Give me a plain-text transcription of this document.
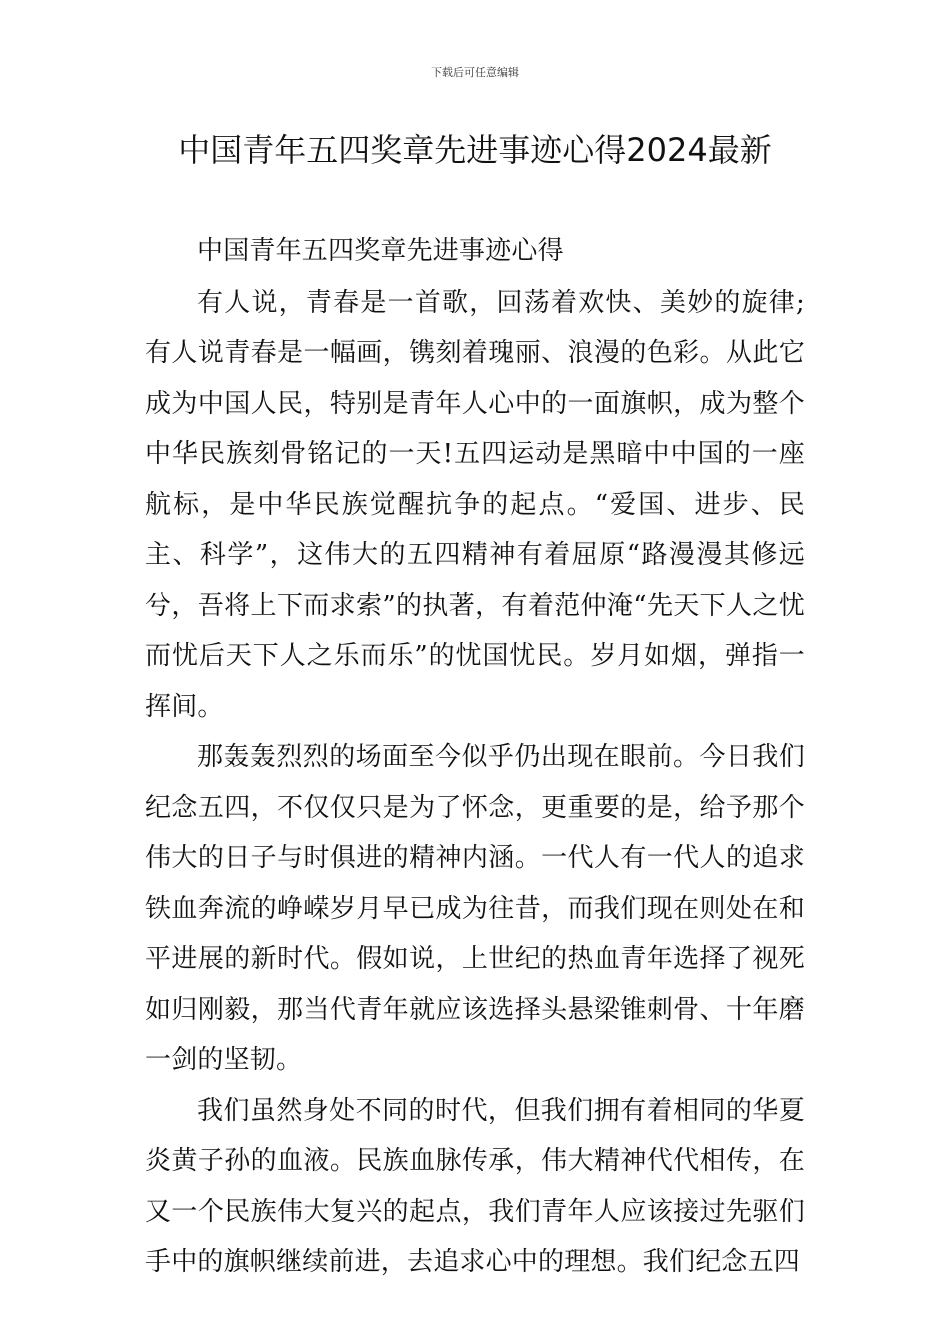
下载后可任意编辑
中国青年五四奖章先进事迹心得2024最新

中国青年五四奖章先进事迹心得

有人说，青春是一首歌，回荡着欢快、美妙的旋律;有人说青春是一幅画，镌刻着瑰丽、浪漫的色彩。从此它成为中国人民，特别是青年人心中的一面旗帜，成为整个中华民族刻骨铭记的一天!五四运动是黑暗中中国的一座航标，是中华民族觉醒抗争的起点。“爱国、进步、民主、科学”，这伟大的五四精神有着屈原“路漫漫其修远兮，吾将上下而求索”的执著，有着范仲淹“先天下人之忧而忧后天下人之乐而乐”的忧国忧民。岁月如烟，弹指一挥间。

那轰轰烈烈的场面至今似乎仍出现在眼前。今日我们纪念五四，不仅仅只是为了怀念，更重要的是，给予那个伟大的日子与时俱进的精神内涵。一代人有一代人的追求铁血奔流的峥嵘岁月早已成为往昔，而我们现在则处在和平进展的新时代。假如说，上世纪的热血青年选择了视死如归刚毅，那当代青年就应该选择头悬梁锥刺骨、十年磨一剑的坚韧。

我们虽然身处不同的时代，但我们拥有着相同的华夏炎黄子孙的血液。民族血脉传承，伟大精神代代相传，在又一个民族伟大复兴的起点，我们青年人应该接过先驱们手中的旗帜继续前进，去追求心中的理想。我们纪念五四
